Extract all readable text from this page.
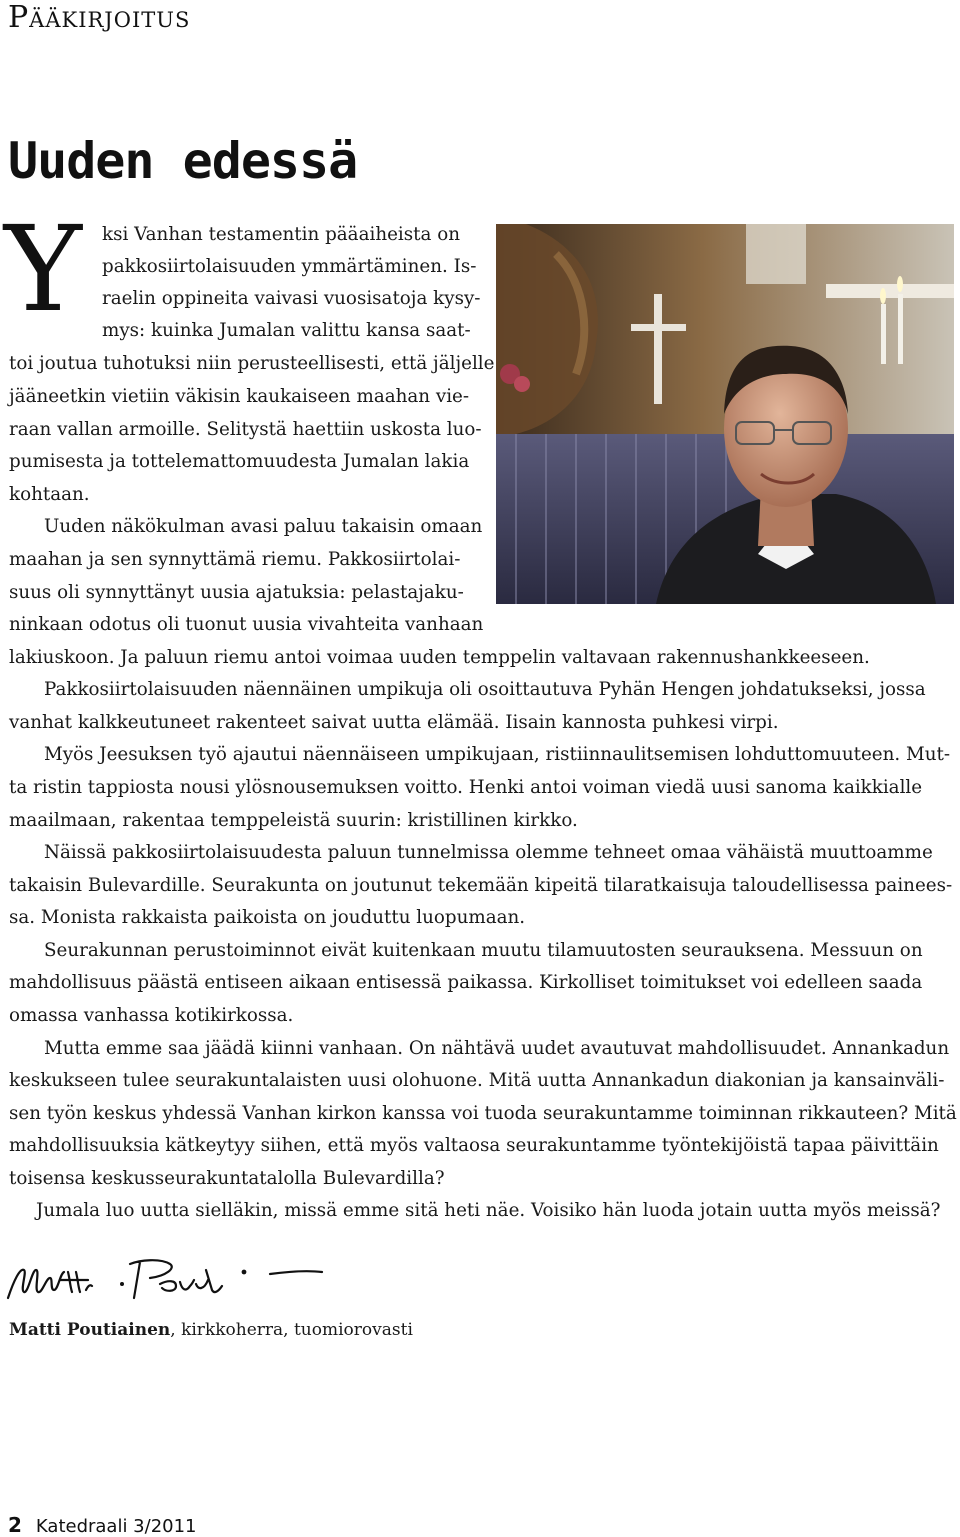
Pääkirjoitus
Uuden edessä
Y ksi Vanhan testamentin pääaiheista on
pakkosiirtolaisuuden ymmärtäminen. Is-
raelin oppineita vaivasi vuosisatoja kysy-
mys: kuinka Jumalan valittu kansa saat-
toi joutua tuhotuksi niin perusteellisesti, että jäljelle
jääneetkin vietiin väkisin kaukaiseen maahan vie-
raan vallan armoille. Selitystä haettiin uskosta luo-
pumisesta ja tottelemattomuudesta Jumalan lakia
kohtaan.
Uuden näkökulman avasi paluu takaisin omaan
maahan ja sen synnyttämä riemu. Pakkosiirtolai-
suus oli synnyttänyt uusia ajatuksia: pelastajaku-
ninkaan odotus oli tuonut uusia vivahteita vanhaan
lakiuskoon. Ja paluun riemu antoi voimaa uuden temppelin valtavaan rakennushankkeeseen.
Pakkosiirtolaisuuden näennäinen umpikuja oli osoittautuva Pyhän Hengen johdatukseksi, jossa
vanhat kalkkeutuneet rakenteet saivat uutta elämää. Iisain kannosta puhkesi virpi.
Myös Jeesuksen työ ajautui näennäiseen umpikujaan, ristiinnaulitsemisen lohduttomuuteen. Mut-
ta ristin tappiosta nousi ylösnousemuksen voitto. Henki antoi voiman viedä uusi sanoma kaikkialle
maailmaan, rakentaa temppeleistä suurin: kristillinen kirkko.
Näissä pakkosiirtolaisuudesta paluun tunnelmissa olemme tehneet omaa vähäistä muuttoamme
takaisin Bulevardille. Seurakunta on joutunut tekemään kipeitä tilaratkaisuja taloudellisessa painees-
sa. Monista rakkaista paikoista on jouduttu luopumaan.
Seurakunnan perustoiminnot eivät kuitenkaan muutu tilamuutosten seurauksena. Messuun on
mahdollisuus päästä entiseen aikaan entisessä paikassa. Kirkolliset toimitukset voi edelleen saada
omassa vanhassa kotikirkossa.
Mutta emme saa jäädä kiinni vanhaan. On nähtävä uudet avautuvat mahdollisuudet. Annankadun
keskukseen tulee seurakuntalaisten uusi olohuone. Mitä uutta Annankadun diakonian ja kansainväli-
sen työn keskus yhdessä Vanhan kirkon kanssa voi tuoda seurakuntamme toiminnan rikkauteen? Mitä
mahdollisuuksia kätkeytyy siihen, että myös valtaosa seurakuntamme työntekijöistä tapaa päivittäin
toisensa keskusseurakuntatalolla Bulevardilla?
Jumala luo uutta sielläkin, missä emme sitä heti näe. Voisiko hän luoda jotain uutta myös meissä?
Matti Poutiainen, kirkkoherra, tuomiorovasti
2 Katedraali 3/2011
